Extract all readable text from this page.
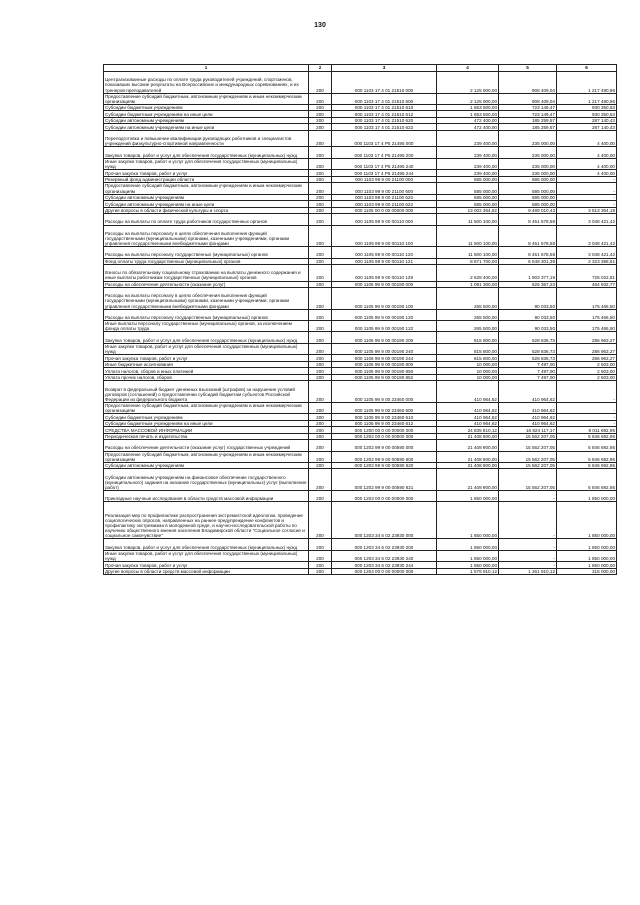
130
1	2	3	4	5	6
Централизованные расходы по оплате труда руководителей учреждений, спортсменов, показавших высокие результаты на Всероссийских и международных соревнованиях, и их тренеров-преподавателей	200	000 1103 17 4 01 21510 000	2 125 900,00	908 409,04	1 217 490,96
Предоставление субсидий бюджетным, автономным учреждениям и иным некоммерческим организациям	200	000 1103 17 4 01 21510 600	2 125 900,00	908 409,04	1 217 490,96
Субсидии бюджетным учреждениям	200	000 1103 17 4 01 21510 610	1 653 500,00	723 149,47	930 350,53
Субсидии бюджетным учреждениям на иные цели	200	000 1103 17 4 01 21510 612	1 653 500,00	723 149,47	930 350,53
Субсидии автономным учреждениям	200	000 1103 17 4 01 21510 620	472 400,00	185 259,57	287 140,43
Субсидии автономным учреждениям на иные цели	200	000 1103 17 4 01 21510 622	472 400,00	185 259,57	287 140,43
Переподготовка и повышение квалификации руководящих работников и специалистов учреждений физкультурно-спортивной направленности	200	000 1103 17 4 P5 21495 000	239 400,00	235 000,00	4 400,00
Закупка товаров, работ и услуг для обеспечения государственных (муниципальных) нужд	200	000 1103 17 4 P5 21495 200	239 400,00	235 000,00	4 400,00
Иные закупки товаров, работ и услуг для обеспечения государственных (муниципальных) нужд	200	000 1103 17 4 P5 21495 240	239 400,00	235 000,00	4 400,00
Прочая закупка товаров, работ и услуг	200	000 1103 17 4 P5 21495 244	239 400,00	235 000,00	4 400,00
Резервный фонд администрации области	200	000 1103 99 9 00 21100 000	585 000,00	585 000,00	-
Предоставление субсидий бюджетным, автономным учреждениям и иным некоммерческим организациям	200	000 1103 99 9 00 21100 600	585 000,00	585 000,00	-
Субсидии автономным учреждениям	200	000 1103 99 9 00 21100 620	585 000,00	585 000,00	-
Субсидии автономным учреждениям на иные цели	200	000 1103 99 9 00 21100 622	585 000,00	585 000,00	-
Другие вопросы в области физической культуры и спорта	200	000 1105 00 0 00 00000 000	13 002 364,62	9 489 010,43	3 513 354,19
Расходы на выплаты по оплате труда работников государственных органов	200	000 1105 99 9 00 00110 000	11 500 100,00	8 451 678,58	3 048 421,42
Расходы на выплаты персоналу в целях обеспечения выполнения функций государственными (муниципальными) органами, казенными учреждениями, органами управления государственными внебюджетными фондами	200	000 1105 99 9 00 00110 100	11 500 100,00	8 451 678,58	3 048 421,42
Расходы на выплаты персоналу государственных (муниципальных) органов	200	000 1105 99 9 00 00110 120	11 500 100,00	8 451 678,58	3 048 421,42
Фонд оплаты труда государственных (муниципальных) органов	200	000 1105 99 9 00 00110 121	8 871 700,00	6 548 301,39	2 323 398,61
Взносы по обязательному социальному страхованию на выплаты денежного содержания и иные выплаты работникам государственных (муниципальных) органов	200	000 1105 99 9 00 00110 129	2 628 400,00	1 903 377,19	725 022,81
Расходы на обеспечение деятельности (оказание услуг)	200	000 1105 99 9 00 00190 000	1 091 300,00	626 367,23	464 932,77
Расходы на выплаты персоналу в целях обеспечения выполнения функций государственными (муниципальными) органами, казенными учреждениями, органами управления государственными внебюджетными фондами	200	000 1105 99 9 00 00190 100	265 500,00	90 033,50	175 466,50
Расходы на выплаты персоналу государственных (муниципальных) органов	200	000 1105 99 9 00 00190 120	265 500,00	90 033,50	175 466,50
Иные выплаты персоналу государственных (муниципальных) органов, за исключением фонда оплаты труда	200	000 1105 99 9 00 00190 122	265 500,00	90 033,50	175 466,50
Закупка товаров, работ и услуг для обеспечения государственных (муниципальных) нужд	200	000 1105 99 9 00 00190 200	815 800,00	528 836,73	286 963,27
Иные закупки товаров, работ и услуг для обеспечения государственных (муниципальных) нужд	200	000 1105 99 9 00 00190 240	815 800,00	528 836,73	286 963,27
Прочая закупка товаров, работ и услуг	200	000 1105 99 9 00 00190 244	815 800,00	528 836,73	286 963,27
Иные бюджетные ассигнования	200	000 1105 99 9 00 00190 800	10 000,00	7 497,00	2 503,00
Уплата налогов, сборов и иных платежей	200	000 1105 99 9 00 00190 850	10 000,00	7 497,00	2 503,00
Уплата прочих налогов, сборов	200	000 1105 99 9 00 00190 852	10 000,00	7 497,00	2 503,00
Возврат в федеральный бюджет денежных взысканий (штрафов) за нарушение условий договоров (соглашений) о предоставлении субсидий бюджетам субъектов Российской Федерации из федерального бюджета	200	000 1105 99 9 00 23460 000	410 964,62	410 964,62	-
Предоставление субсидий бюджетным, автономным учреждениям и иным некоммерческим организациям	200	000 1105 99 9 00 23460 600	410 964,62	410 964,62	-
Субсидии бюджетным учреждениям	200	000 1105 99 9 00 23460 610	410 964,62	410 964,62	-
Субсидии бюджетным учреждениям на иные цели	200	000 1105 99 9 00 23460 612	410 964,62	410 964,62	-
СРЕДСТВА МАССОВОЙ ИНФОРМАЦИИ	200	000 1200 00 0 00 00000 000	24 835 810,12	16 824 117,17	8 011 692,95
Периодическая печать и издательства	200	000 1202 00 0 00 00000 000	21 408 900,00	15 562 207,05	5 846 692,95
Расходы на обеспечение деятельности (оказание услуг) государственных учреждений	200	000 1202 99 9 00 00590 000	21 408 900,00	15 562 207,05	5 846 692,95
Предоставление субсидий бюджетным, автономным учреждениям и иным некоммерческим организациям	200	000 1202 99 9 00 00590 600	21 408 900,00	15 562 207,05	5 846 692,95
Субсидии автономным учреждениям	200	000 1202 99 9 00 00590 620	21 408 900,00	15 562 207,05	5 846 692,95
Субсидии автономным учреждениям на финансовое обеспечение государственного (муниципального) задания на оказание государственных (муниципальных) услуг (выполнение работ)	200	000 1202 99 9 00 00590 621	21 408 900,00	15 562 207,05	5 846 692,95
Прикладные научные исследования в области средств массовой информации	200	000 1203 00 0 00 00000 000	1 850 000,00	-	1 850 000,00
Реализация мер по профилактике распространения экстремистской идеологии, проведение социологических опросов, направленных на раннее предупреждение конфликтов и профилактику экстремизма в молодежной среде, и научно-исследовательской работы по изучению общественного мнения населения Владимирской области "Социальное согласие и социальное самочувствие"	200	000 1203 34 6 02 23930 000	1 850 000,00	-	1 850 000,00
Закупка товаров, работ и услуг для обеспечения государственных (муниципальных) нужд	200	000 1203 34 6 02 23930 200	1 850 000,00	-	1 850 000,00
Иные закупки товаров, работ и услуг для обеспечения государственных (муниципальных) нужд	200	000 1203 34 6 02 23930 240	1 850 000,00	-	1 850 000,00
Прочая закупка товаров, работ и услуг	200	000 1203 34 6 02 23930 244	1 850 000,00	-	1 850 000,00
Другие вопросы в области средств массовой информации	200	000 1204 00 0 00 00000 000	1 576 910,12	1 261 910,12	315 000,00
